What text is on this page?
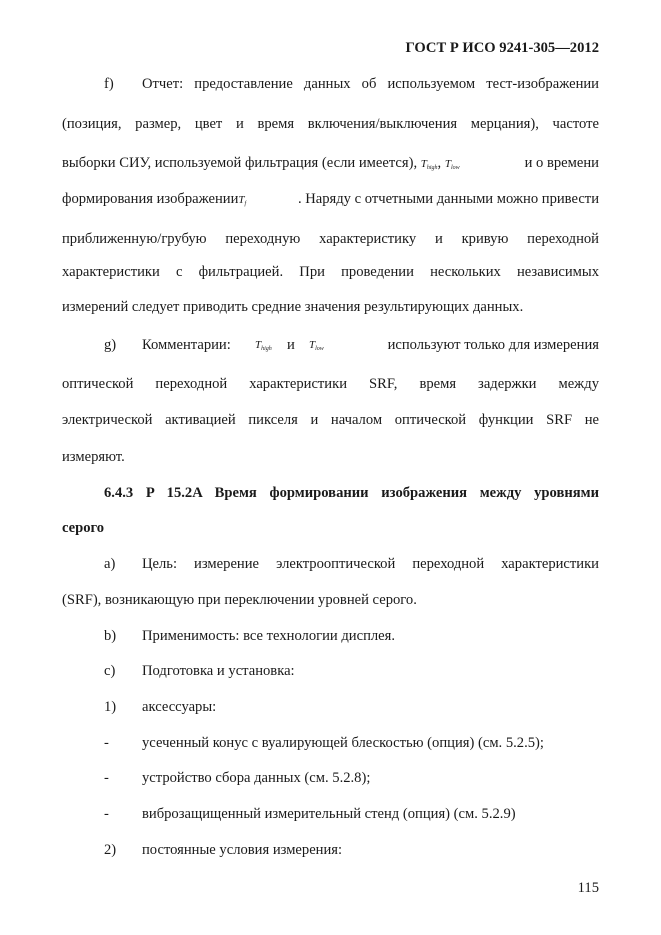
ГОСТ Р ИСО 9241-305—2012
f) Отчет: предоставление данных об используемом тест-изображении
(позиция, размер, цвет и время включения/выключения мерцания), частоте
выборки СИУ, используемой фильтрация (если имеется), Thigh, Tlow	и о времени
формирования изображенииTf	. Наряду с отчетными данными можно привести
приближенную/грубую переходную характеристику и кривую переходной
характеристики с фильтрацией. При проведении нескольких независимых
измерений следует приводить средние значения результирующих данных.
g) Комментарии: Thigh и Tlow	используют только для измерения
оптической переходной характеристики SRF, время задержки между
электрической активацией пикселя и началом оптической функции SRF не
измеряют.
6.4.3 P 15.2A Время формировании изображения между уровнями
серого
a) Цель: измерение электрооптической переходной характеристики
(SRF), возникающую при переключении уровней серого.
b) Применимость: все технологии дисплея.
c) Подготовка и установка:
1) аксессуары:
- усеченный конус с вуалирующей блескостью (опция) (см. 5.2.5);
- устройство сбора данных (см. 5.2.8);
- виброзащищенный измерительный стенд (опция) (см. 5.2.9)
2) постоянные условия измерения:
115
